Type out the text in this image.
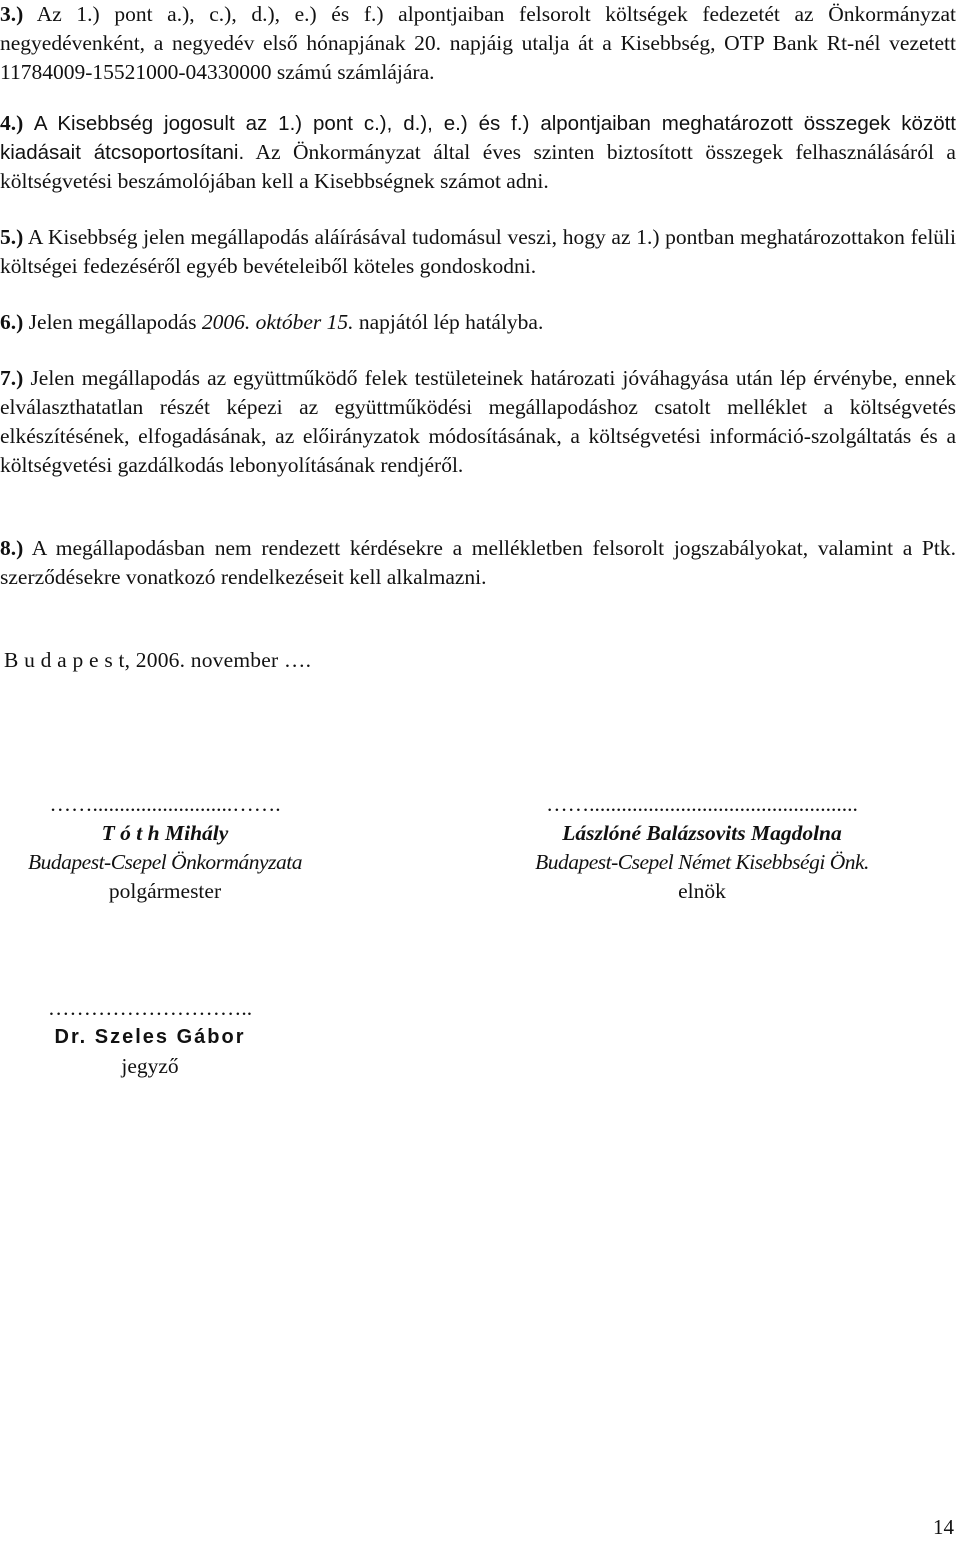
3.) Az 1.) pont a.), c.), d.), e.) és f.) alpontjaiban felsorolt költségek fedezetét az Önkormányzat negyedévenként, a negyedév első hónapjának 20. napjáig utalja át a Kisebbség, OTP Bank Rt-nél vezetett 11784009-15521000-04330000 számú számlájára.

4.) A Kisebbség jogosult az 1.) pont c.), d.), e.) és f.) alpontjaiban meghatározott összegek között kiadásait átcsoportosítani. Az Önkormányzat által éves szinten biztosított összegek felhasználásáról a költségvetési beszámolójában kell a Kisebbségnek számot adni.

5.) A Kisebbség jelen megállapodás aláírásával tudomásul veszi, hogy az 1.) pontban meghatározottakon felüli költségei fedezéséről egyéb bevételeiből köteles gondoskodni.

6.) Jelen megállapodás 2006. október 15. napjától lép hatályba.

7.) Jelen megállapodás az együttműködő felek testületeinek határozati jóváhagyása után lép érvénybe, ennek elválaszthatatlan részét képezi az együttműködési megállapodáshoz csatolt melléklet a költségvetés elkészítésének, elfogadásának, az előirányzatok módosításának, a költségvetési információ-szolgáltatás és a költségvetési gazdálkodás lebonyolításának rendjéről.

8.) A megállapodásban nem rendezett kérdésekre a mellékletben felsorolt jogszabályokat, valamint a Ptk. szerződésekre vonatkozó rendelkezéseit kell alkalmazni.

B u d a p e s t, 2006. november ….
……..........................…….
T ó t h Mihály
Budapest-Csepel Önkormányzata
polgármester
……..................................................
Lászlóné Balázsovits Magdolna
Budapest-Csepel Német Kisebbségi Önk.
elnök
………………………..
Dr. Szeles Gábor
jegyző
14
